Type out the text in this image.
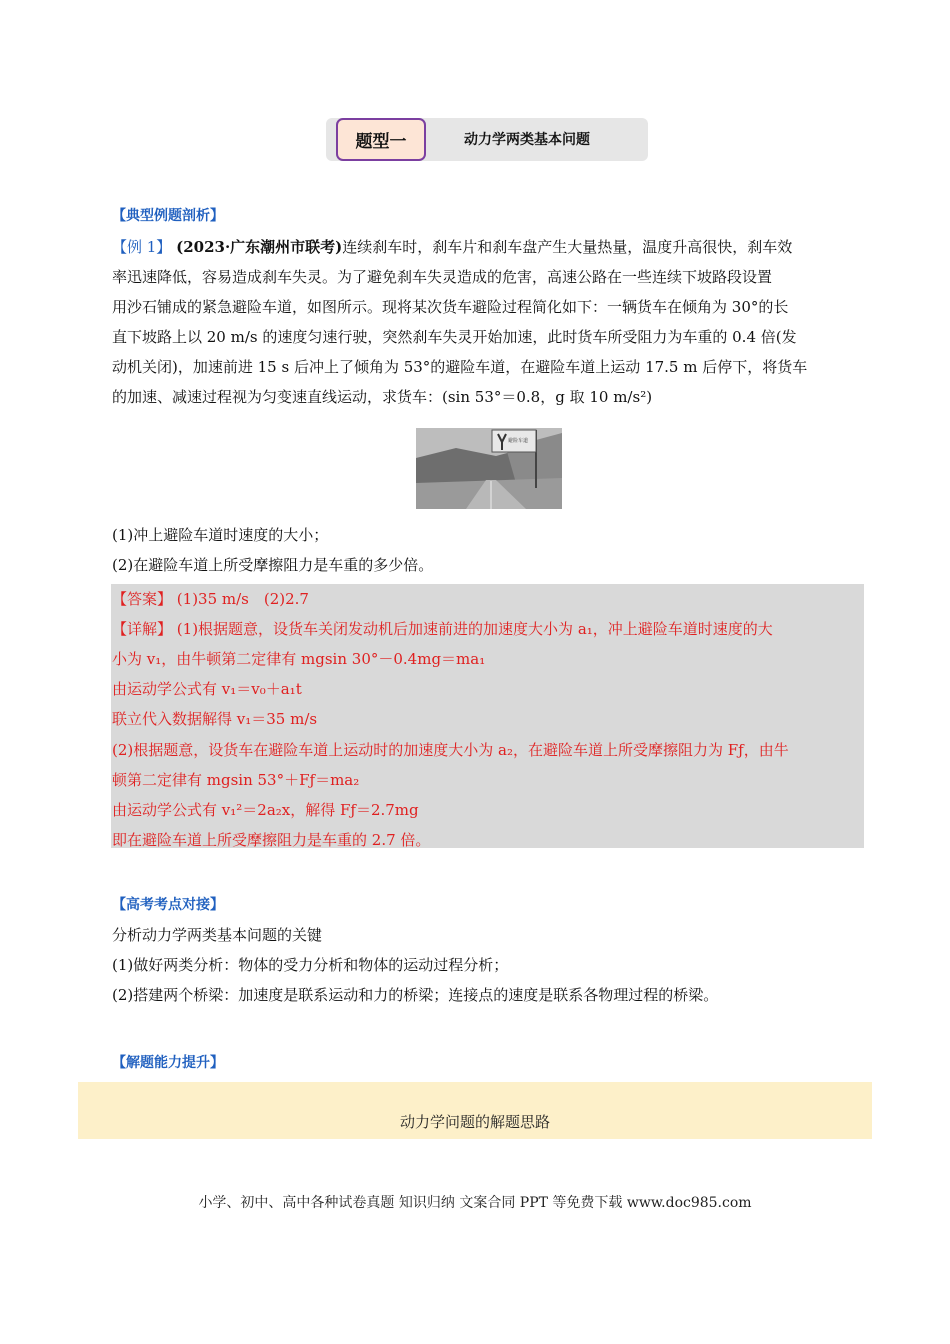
题型一	动力学两类基本问题
【典型例题剖析】
【例 1】 (2023·广东潮州市联考)连续刹车时，刹车片和刹车盘产生大量热量，温度升高很快，刹车效
率迅速降低，容易造成刹车失灵。为了避免刹车失灵造成的危害，高速公路在一些连续下坡路段设置
用沙石铺成的紧急避险车道，如图所示。现将某次货车避险过程简化如下：一辆货车在倾角为 30°的长
直下坡路上以 20 m/s 的速度匀速行驶，突然刹车失灵开始加速，此时货车所受阻力为车重的 0.4 倍(发
动机关闭)，加速前进 15 s 后冲上了倾角为 53°的避险车道，在避险车道上运动 17.5 m 后停下，将货车
的加速、减速过程视为匀变速直线运动，求货车：(sin 53°＝0.8，g 取 10 m/s²)
避险车道
(1)冲上避险车道时速度的大小；
(2)在避险车道上所受摩擦阻力是车重的多少倍。
【答案】 (1)35 m/s　(2)2.7
【详解】 (1)根据题意，设货车关闭发动机后加速前进的加速度大小为 a₁，冲上避险车道时速度的大
小为 v₁，由牛顿第二定律有 mgsin 30°－0.4mg＝ma₁
由运动学公式有 v₁＝v₀＋a₁t
联立代入数据解得 v₁＝35 m/s
(2)根据题意，设货车在避险车道上运动时的加速度大小为 a₂，在避险车道上所受摩擦阻力为 Fƒ，由牛
顿第二定律有 mgsin 53°＋Fƒ＝ma₂
由运动学公式有 v₁²＝2a₂x，解得 Fƒ＝2.7mg
即在避险车道上所受摩擦阻力是车重的 2.7 倍。
【高考考点对接】
分析动力学两类基本问题的关键
(1)做好两类分析：物体的受力分析和物体的运动过程分析；
(2)搭建两个桥梁：加速度是联系运动和力的桥梁；连接点的速度是联系各物理过程的桥梁。
【解题能力提升】
动力学问题的解题思路
小学、初中、高中各种试卷真题 知识归纳 文案合同 PPT 等免费下载 www.doc985.com
